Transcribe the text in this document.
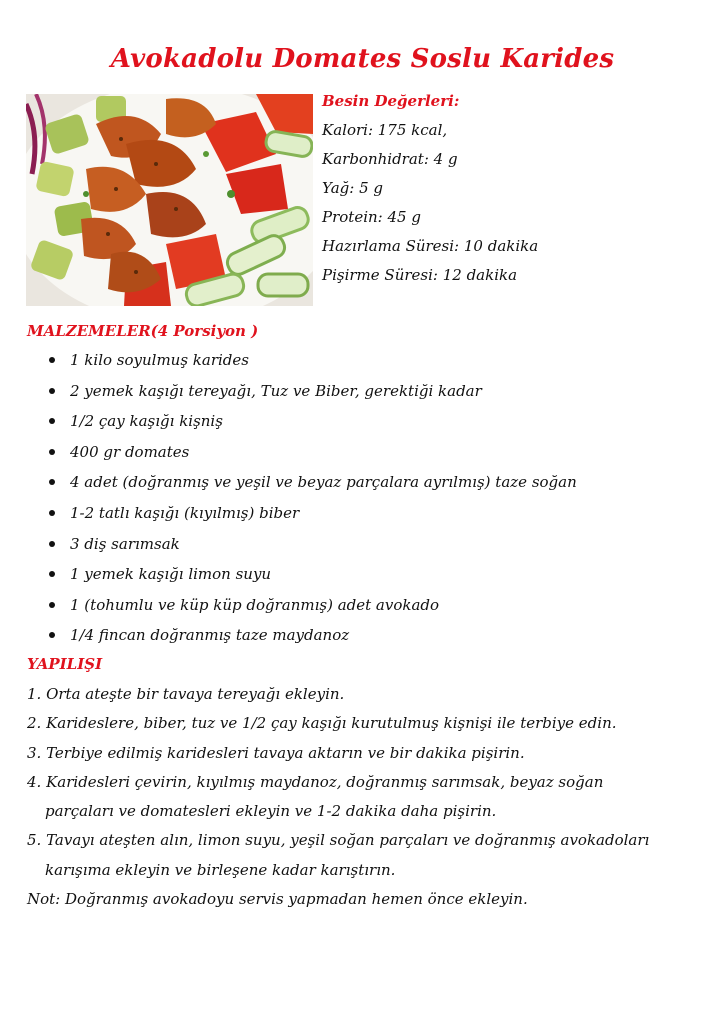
Avokadolu Domates Soslu Karides
Besin Değerleri:
Kalori: 175 kcal,
Karbonhidrat: 4 g
Yağ: 5 g
Protein: 45 g
Hazırlama Süresi: 10 dakika
Pişirme Süresi: 12 dakika
MALZEMELER(4 Porsiyon )
1 kilo soyulmuş karides
2 yemek kaşığı tereyağı, Tuz ve Biber, gerektiği kadar
1/2 çay kaşığı kişniş
400 gr domates
4 adet (doğranmış ve yeşil ve beyaz parçalara ayrılmış) taze soğan
1-2 tatlı kaşığı (kıyılmış) biber
3 diş sarımsak
1 yemek kaşığı limon suyu
1 (tohumlu ve küp küp doğranmış) adet avokado
1/4 fincan doğranmış taze maydanoz
YAPILIŞI
1. Orta ateşte bir tavaya tereyağı ekleyin.
2. Karideslere, biber, tuz ve 1/2 çay kaşığı kurutulmuş kişnişi ile terbiye edin.
3. Terbiye edilmiş karidesleri tavaya aktarın ve bir dakika pişirin.
4. Karidesleri çevirin, kıyılmış maydanoz, doğranmış sarımsak, beyaz soğan
parçaları ve domatesleri ekleyin ve 1-2 dakika daha pişirin.
5. Tavayı ateşten alın, limon suyu, yeşil soğan parçaları ve doğranmış avokadoları
karışıma ekleyin ve birleşene kadar karıştırın.
Not: Doğranmış avokadoyu servis yapmadan hemen önce ekleyin.
